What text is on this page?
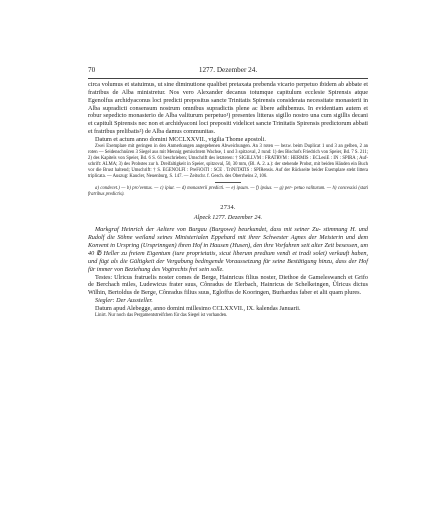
70	1277. Dezember 24.

circa volumus et statuimus, ut sine diminutione qualibet pretaxata prebenda vicario perpetuo ibidem ab abbate et fratribus de Alba ministretur. Nos vero Alexander decanus totumque capitulum ecclesie Spirensis atque Egenolfus archidyaconus loci predicti prepositus sancte Trinitatis Spirensis considerata necessitate monasterii in Alba supradicti consensum nostrum omnibus supradictis plene ac libere adhibemus. In evidentiam autem et robur sepedicto monasterio de Alba valiturum perpetuo¹) presentes litteras sigillo nostro una cum sigillis decani et capituli Spirensis nec non et archidyaconi loci prepositi videlicet sancte Trinitatis Spirensis predictorum abbati et fratribus prelibatis²) de Alba damus communitas.

Datum et actum anno domini MCCLXXVII., vigilia Thome apostoli.

Zwei Exemplare mit geringen in den Anmerkungen angegebenen Abweichungen. An 3 roten — bezw. beim Duplicat 1 und 3 an gelben, 2 an roten — Seidenschnüren 3 Siegel aus mit Mennig gemischtem Wachse, 1 und 3 spitzoval, 2 rund: 1) des Bischofs Friedrich von Speier, Bd. 7 S. 211; 2) des Kapitels von Speier, Bd. 6 S. 61 beschrieben; Umschrift des letzteren: † SIGILLVM : FRATRVM : HERMIS : ECLesiE : IN : SPIRA ; Auf- schrift: ALMA; 3) des Probstes zur h. Dreifaltigkeit in Speier, spitzoval, 50, 30 mm, (Bl. A. 2. a.): der stehende Probst, mit beiden Händen ein Buch vor die Brust haltend; Umschrift: † S. EGENOLFI : PreFiOiTI : SCE . TriNITATIS : SPIRensis. Auf der Rückseite beider Exemplare steht littera triplicata. — Auszug: Kaucler, Neuenburg, S. 147. — Zeitschr. f. Gesch. des Oberrheins 2, 106.

a) condecet.) — b) pro'ventus. — c) ipiur. — d) monasterii predicti. — e) ipsum. — f) ipsius. — g) per- petuo valiturum. — h) concessisi (stati fratribus predictis).

2734.
Alpeck 1277. Dezember 24.

Markgraf Heinrich der Aeltere von Burgau (Burgowe) beurkundet, dass mit seiner Zu- stimmung H. und Rudolf die Söhne weiland seines Ministerialen Eppehard mit ihrer Schwester Agnes der Meisterin und dem Konvent in Urspring (Ursprinngen) ihren Hof in Hausen (Husen), den ihre Vorfahren seit alter Zeit besessen, um 40 ℔ Heller zu freiem Eigentum (iure proprietatis, sicut liberum predium vendi et tradi solet) verkauft haben, und fügt als die Gültigkeit der Vergabung bedingende Voraussetzung für seine Bestätigung hinzu, dass der Hof für immer von Beziehung des Vogtrechts frei sein solle.

Testes: Ulricus fratruelis noster comes de Berge, Hainricus filius noster, Diethoe de Gameleswanch et Grifo de Berchach miles, Ludewicus frater suus, Cônradus de Elerbach, Hainricus de Schelkeingen, Ûlricus dictus Wilhin, Bertoldus de Berge, Cônradus filius suus, Egloffus de Kooringen, Burhardus faber et alii quam plures.

Siegler: Der Aussteller.

Datum apud Alebegge, anno domini millesimo CCLXXVII., IX. kalendas Januarii.

Linirt. Nur noch das Pergamentstreifchen für das Siegel ist vorhanden.
